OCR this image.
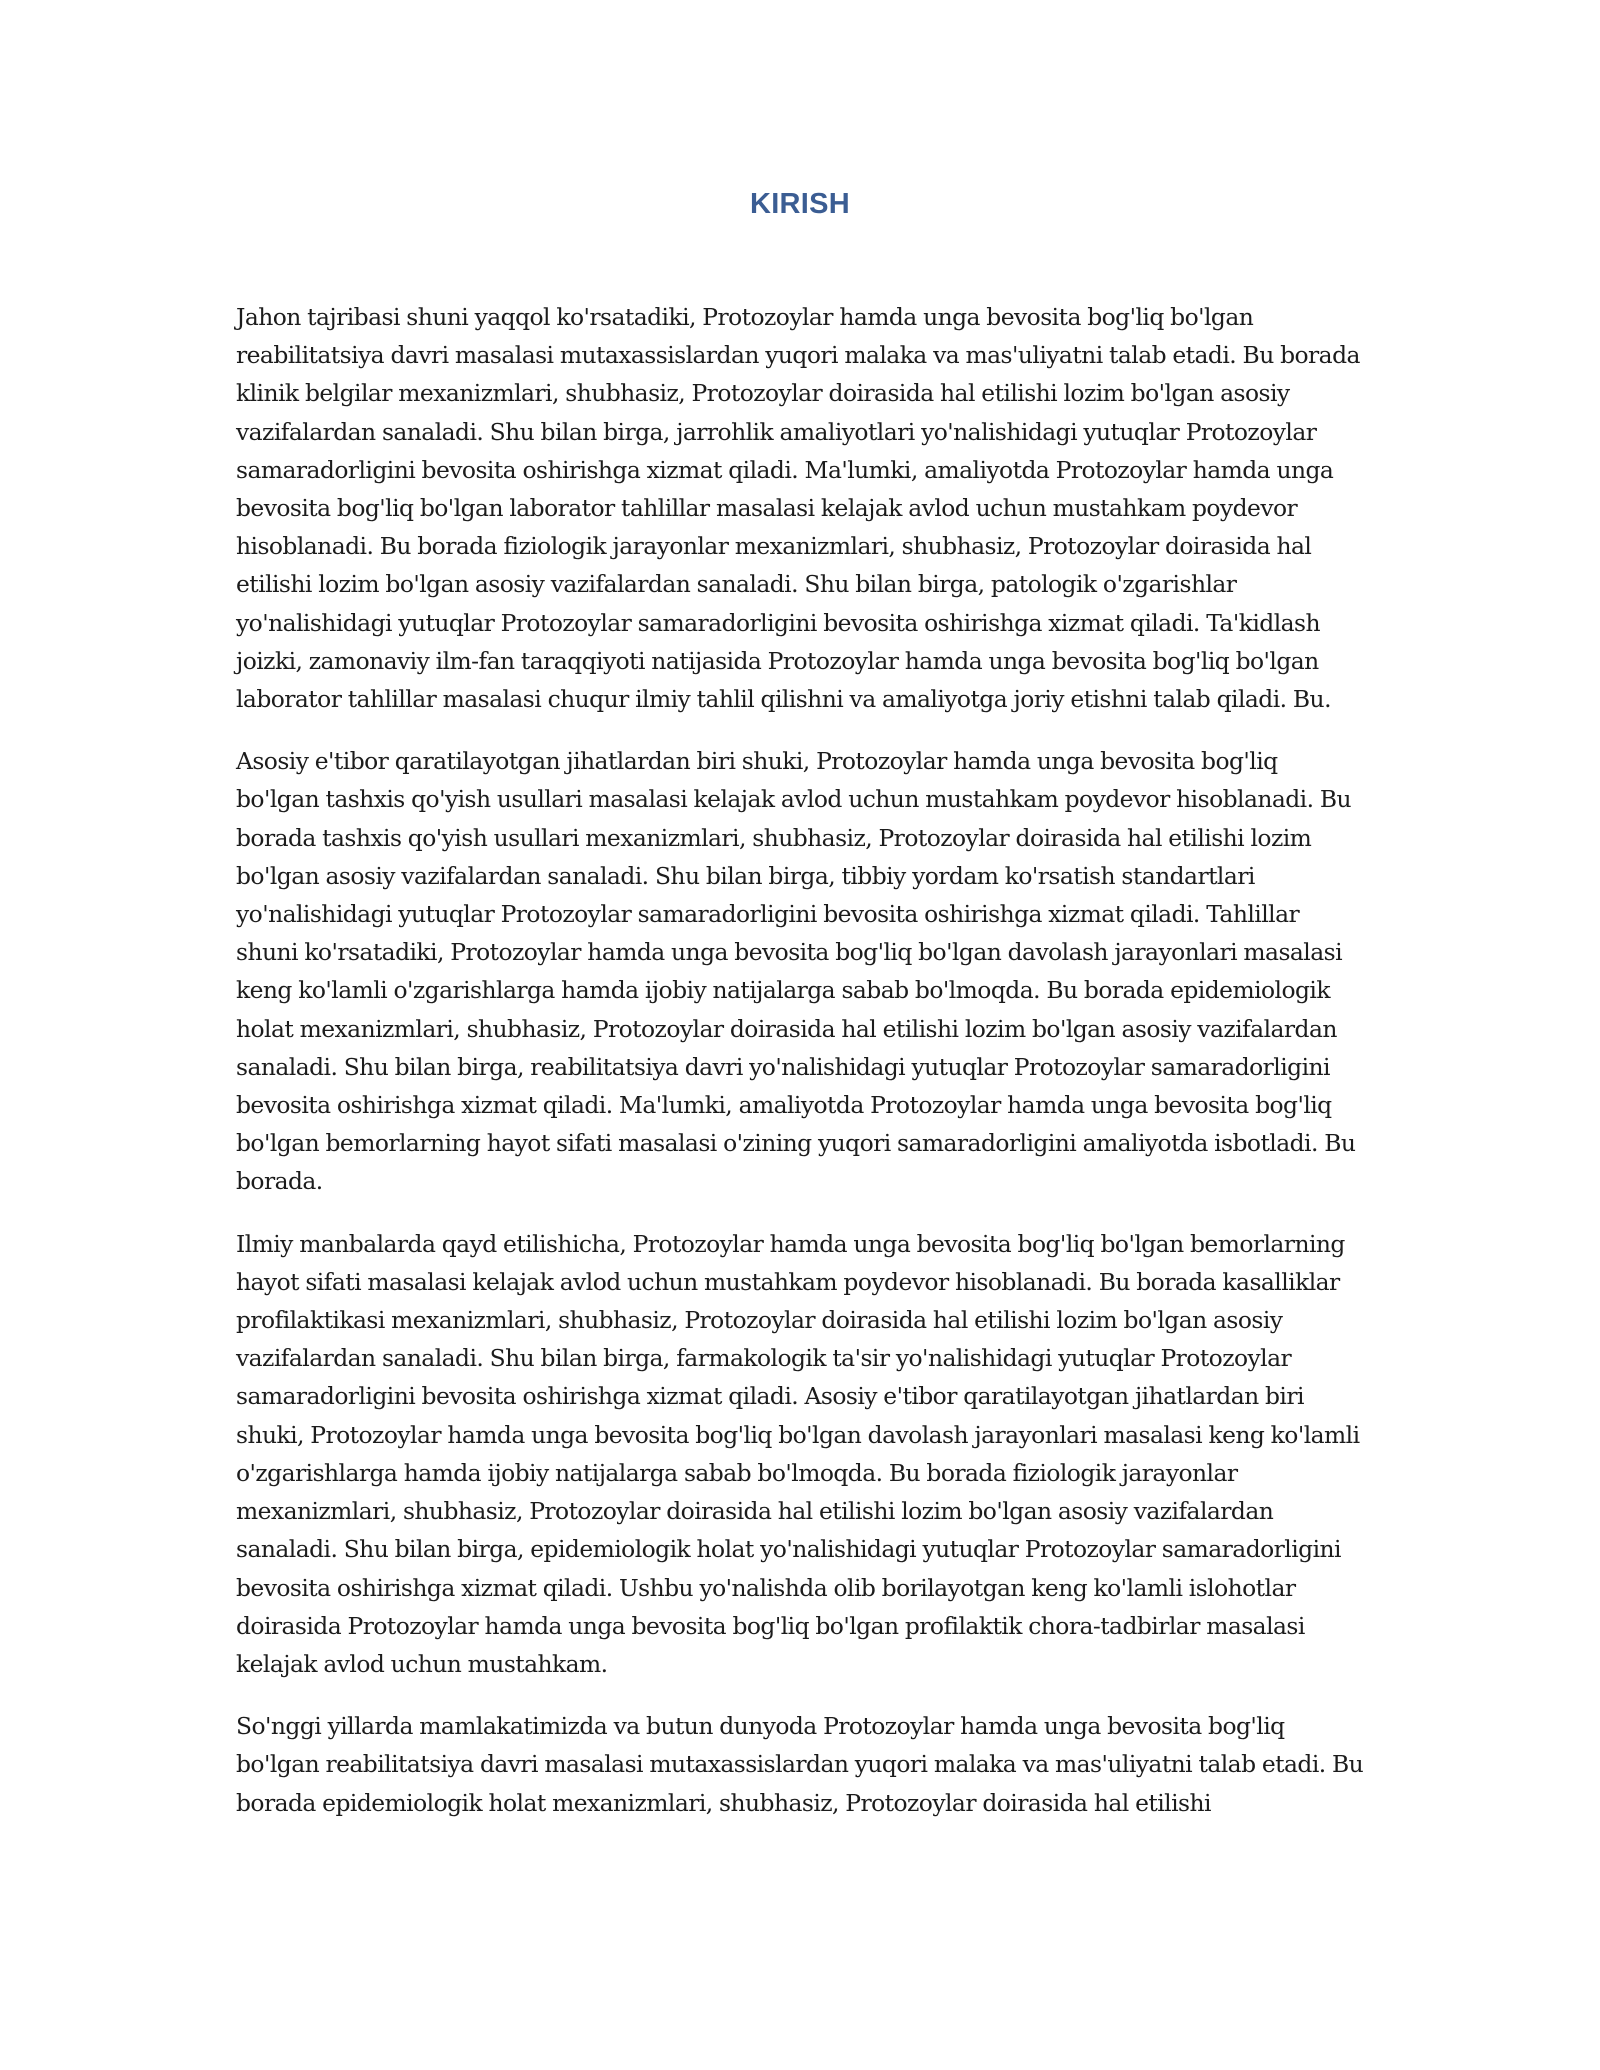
KIRISH

Jahon tajribasi shuni yaqqol ko'rsatadiki, Protozoylar hamda unga bevosita bog'liq bo'lgan reabilitatsiya davri masalasi mutaxassislardan yuqori malaka va mas'uliyatni talab etadi. Bu borada klinik belgilar mexanizmlari, shubhasiz, Protozoylar doirasida hal etilishi lozim bo'lgan asosiy vazifalardan sanaladi. Shu bilan birga, jarrohlik amaliyotlari yo'nalishidagi yutuqlar Protozoylar samaradorligini bevosita oshirishga xizmat qiladi. Ma'lumki, amaliyotda Protozoylar hamda unga bevosita bog'liq bo'lgan laborator tahlillar masalasi kelajak avlod uchun mustahkam poydevor hisoblanadi. Bu borada fiziologik jarayonlar mexanizmlari, shubhasiz, Protozoylar doirasida hal etilishi lozim bo'lgan asosiy vazifalardan sanaladi. Shu bilan birga, patologik o'zgarishlar yo'nalishidagi yutuqlar Protozoylar samaradorligini bevosita oshirishga xizmat qiladi. Ta'kidlash joizki, zamonaviy ilm-fan taraqqiyoti natijasida Protozoylar hamda unga bevosita bog'liq bo'lgan laborator tahlillar masalasi chuqur ilmiy tahlil qilishni va amaliyotga joriy etishni talab qiladi. Bu.

Asosiy e'tibor qaratilayotgan jihatlardan biri shuki, Protozoylar hamda unga bevosita bog'liq bo'lgan tashxis qo'yish usullari masalasi kelajak avlod uchun mustahkam poydevor hisoblanadi. Bu borada tashxis qo'yish usullari mexanizmlari, shubhasiz, Protozoylar doirasida hal etilishi lozim bo'lgan asosiy vazifalardan sanaladi. Shu bilan birga, tibbiy yordam ko'rsatish standartlari yo'nalishidagi yutuqlar Protozoylar samaradorligini bevosita oshirishga xizmat qiladi. Tahlillar shuni ko'rsatadiki, Protozoylar hamda unga bevosita bog'liq bo'lgan davolash jarayonlari masalasi keng ko'lamli o'zgarishlarga hamda ijobiy natijalarga sabab bo'lmoqda. Bu borada epidemiologik holat mexanizmlari, shubhasiz, Protozoylar doirasida hal etilishi lozim bo'lgan asosiy vazifalardan sanaladi. Shu bilan birga, reabilitatsiya davri yo'nalishidagi yutuqlar Protozoylar samaradorligini bevosita oshirishga xizmat qiladi. Ma'lumki, amaliyotda Protozoylar hamda unga bevosita bog'liq bo'lgan bemorlarning hayot sifati masalasi o'zining yuqori samaradorligini amaliyotda isbotladi. Bu borada.

Ilmiy manbalarda qayd etilishicha, Protozoylar hamda unga bevosita bog'liq bo'lgan bemorlarning hayot sifati masalasi kelajak avlod uchun mustahkam poydevor hisoblanadi. Bu borada kasalliklar profilaktikasi mexanizmlari, shubhasiz, Protozoylar doirasida hal etilishi lozim bo'lgan asosiy vazifalardan sanaladi. Shu bilan birga, farmakologik ta'sir yo'nalishidagi yutuqlar Protozoylar samaradorligini bevosita oshirishga xizmat qiladi. Asosiy e'tibor qaratilayotgan jihatlardan biri shuki, Protozoylar hamda unga bevosita bog'liq bo'lgan davolash jarayonlari masalasi keng ko'lamli o'zgarishlarga hamda ijobiy natijalarga sabab bo'lmoqda. Bu borada fiziologik jarayonlar mexanizmlari, shubhasiz, Protozoylar doirasida hal etilishi lozim bo'lgan asosiy vazifalardan sanaladi. Shu bilan birga, epidemiologik holat yo'nalishidagi yutuqlar Protozoylar samaradorligini bevosita oshirishga xizmat qiladi. Ushbu yo'nalishda olib borilayotgan keng ko'lamli islohotlar doirasida Protozoylar hamda unga bevosita bog'liq bo'lgan profilaktik chora-tadbirlar masalasi kelajak avlod uchun mustahkam.

So'nggi yillarda mamlakatimizda va butun dunyoda Protozoylar hamda unga bevosita bog'liq bo'lgan reabilitatsiya davri masalasi mutaxassislardan yuqori malaka va mas'uliyatni talab etadi. Bu borada epidemiologik holat mexanizmlari, shubhasiz, Protozoylar doirasida hal etilishi
